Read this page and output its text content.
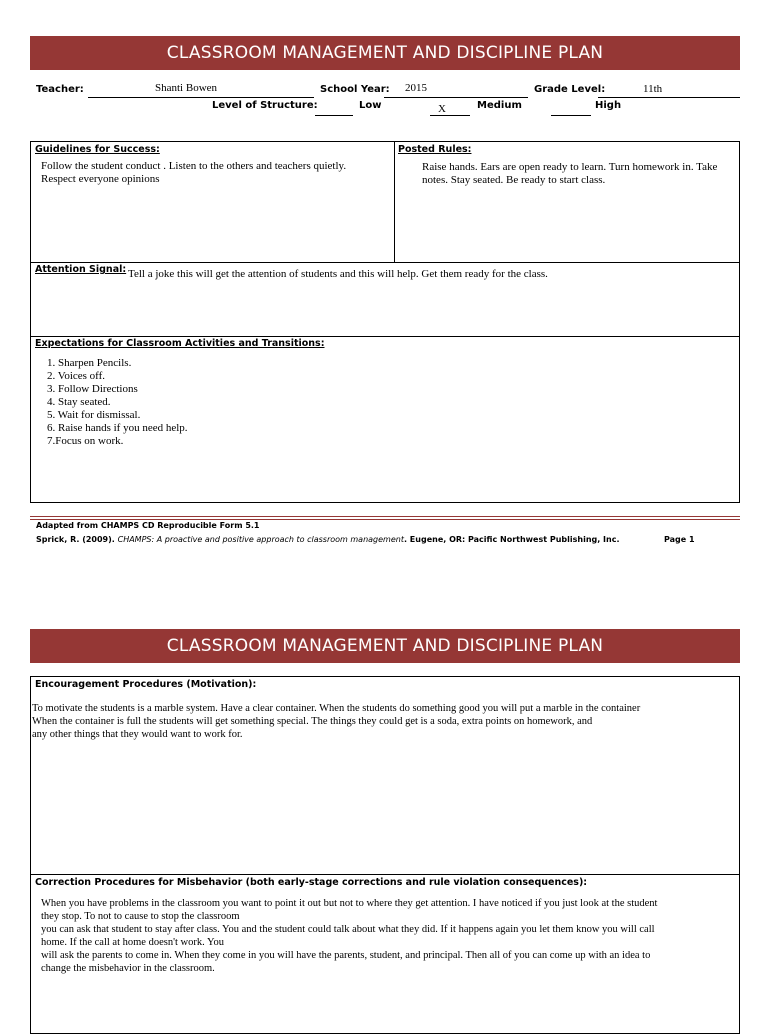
CLASSROOM MANAGEMENT AND DISCIPLINE PLAN
Teacher:	Shanti Bowen	School Year: 2015	Grade Level:	11th
Level of Structure:	Low	X	Medium	High
Guidelines for Success:
Follow the student conduct . Listen to the others and teachers quietly. Respect everyone opinions
Posted Rules:
Raise hands. Ears are open ready to learn. Turn homework in. Take notes. Stay seated. Be ready to start class.
Attention Signal: Tell a joke this will get the attention of students and this will help. Get them ready for the class.
Expectations for Classroom Activities and Transitions:
1. Sharpen Pencils.
2. Voices off.
3. Follow Directions
4. Stay seated.
5. Wait for dismissal.
6. Raise hands if you need help.
7.Focus on work.
Adapted from CHAMPS CD Reproducible Form 5.1
Sprick, R. (2009). CHAMPS: A proactive and positive approach to classroom management. Eugene, OR: Pacific Northwest Publishing, Inc.	Page 1
CLASSROOM MANAGEMENT AND DISCIPLINE PLAN
Encouragement Procedures (Motivation):
To motivate the students is a marble system. Have a clear container. When the students do something good you will put a marble in the container
When the container is full the students will get something special. The things they could get is a soda, extra points on homework, and
any other things that they would want to work for.
Correction Procedures for Misbehavior (both early-stage corrections and rule violation consequences):
When you have problems in the classroom you want to point it out but not to where they get attention. I have noticed if you just look at the student
they stop. To not to cause to stop the classroom
you can ask that student to stay after class. You and the student could talk about what they did. If it happens again you let them know you will call
home. If the call at home doesn't work. You
will ask the parents to come in. When they come in you will have the parents, student, and principal. Then all of you can come up with an idea to
change the misbehavior in the classroom.
